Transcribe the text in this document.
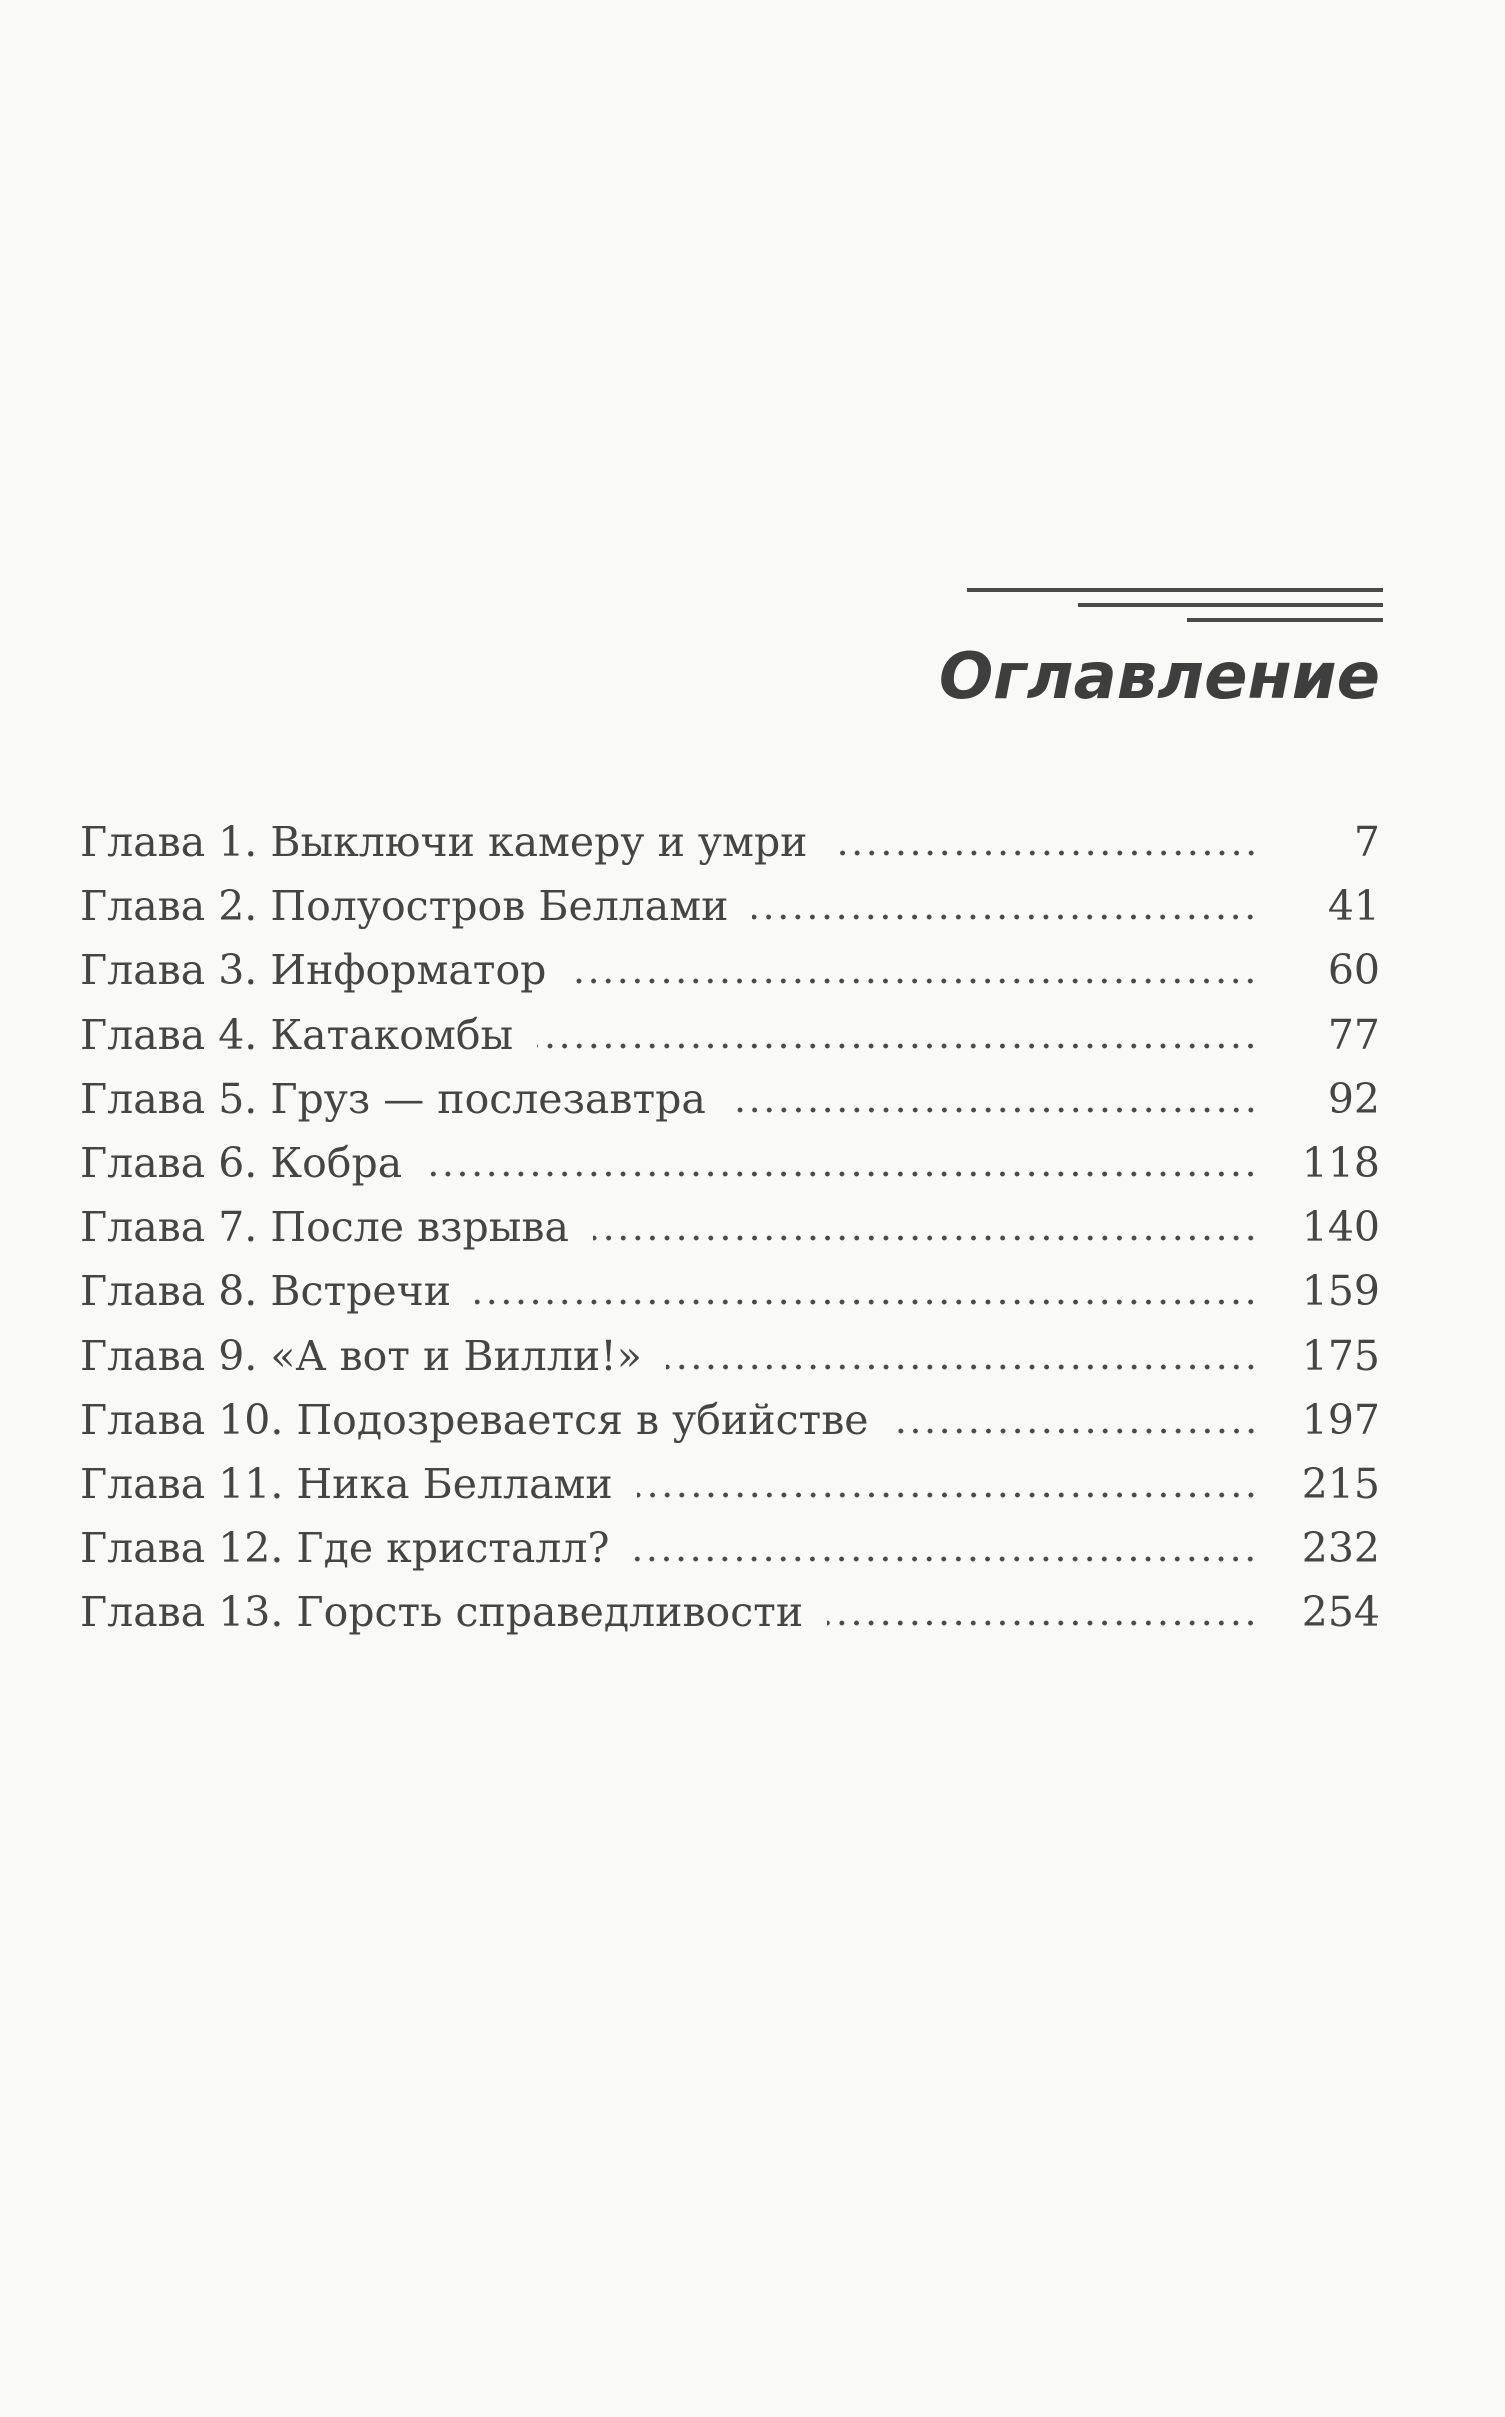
Оглавление
Глава 1. Выключи камеру и умри	7
Глава 2. Полуостров Беллами	41
Глава 3. Информатор	60
Глава 4. Катакомбы	77
Глава 5. Груз — послезавтра	92
Глава 6. Кобра	118
Глава 7. После взрыва	140
Глава 8. Встречи	159
Глава 9. «А вот и Вилли!»	175
Глава 10. Подозревается в убийстве	197
Глава 11. Ника Беллами	215
Глава 12. Где кристалл?	232
Глава 13. Горсть справедливости	254
